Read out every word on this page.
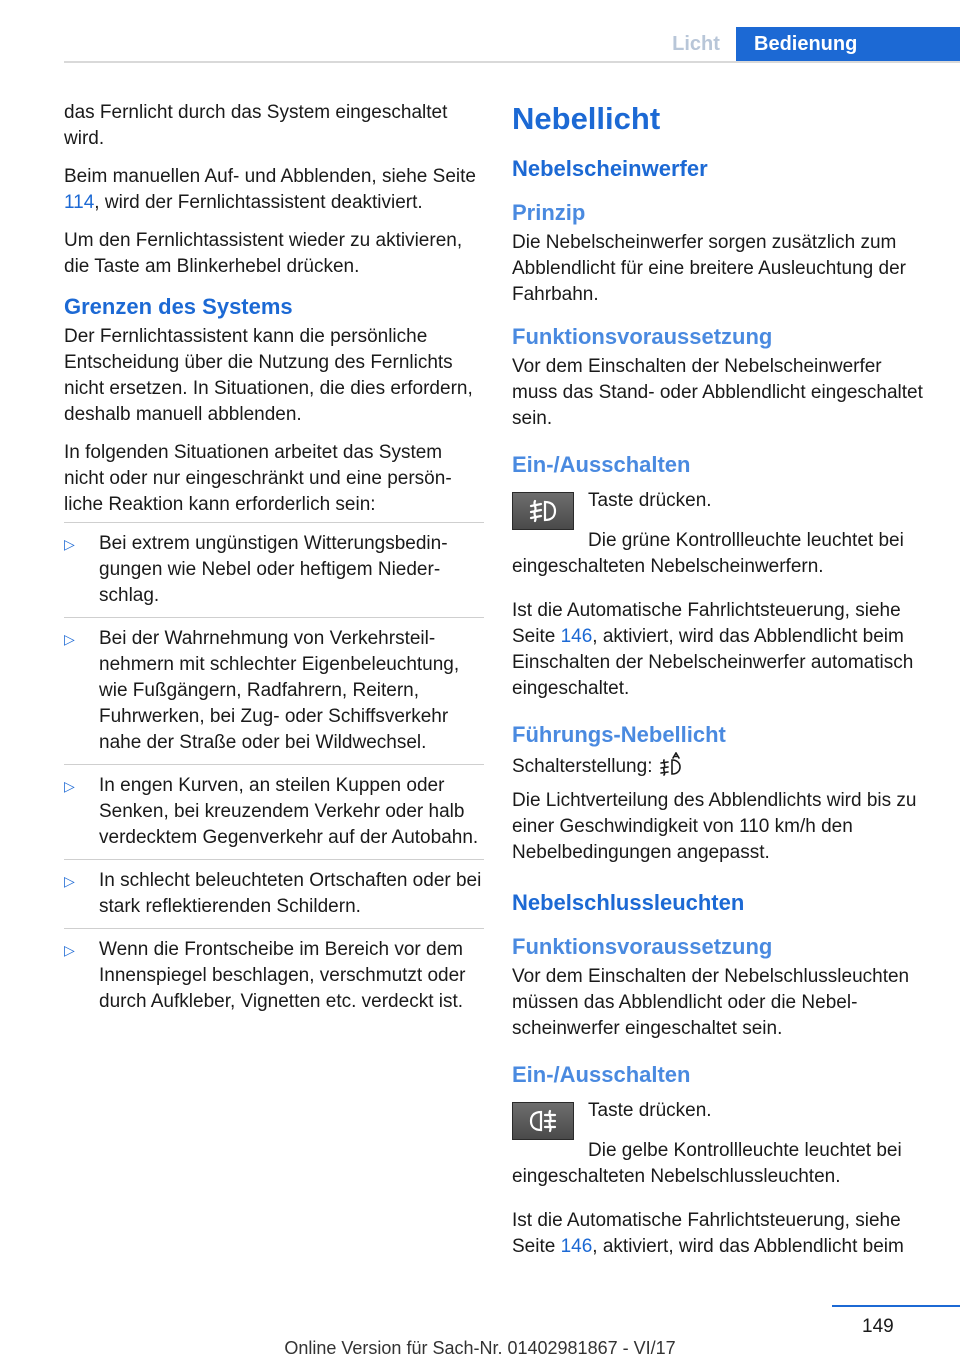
Licht	Bedienung

das Fernlicht durch das System eingeschaltet wird.

Beim manuellen Auf- und Abblenden, siehe Seite 114, wird der Fernlichtassistent deaktiviert.

Um den Fernlichtassistent wieder zu aktivieren, die Taste am Blinkerhebel drücken.

Grenzen des Systems

Der Fernlichtassistent kann die persönliche Entscheidung über die Nutzung des Fernlichts nicht ersetzen. In Situationen, die dies erfordern, deshalb manuell abblenden.

In folgenden Situationen arbeitet das System nicht oder nur eingeschränkt und eine persönliche Reaktion kann erforderlich sein:

▷ Bei extrem ungünstigen Witterungsbedingungen wie Nebel oder heftigem Niederschlag.
▷ Bei der Wahrnehmung von Verkehrsteilnehmern mit schlechter Eigenbeleuchtung, wie Fußgängern, Radfahrern, Reitern, Fuhrwerken, bei Zug- oder Schiffsverkehr nahe der Straße oder bei Wildwechsel.
▷ In engen Kurven, an steilen Kuppen oder Senken, bei kreuzendem Verkehr oder halb verdecktem Gegenverkehr auf der Autobahn.
▷ In schlecht beleuchteten Ortschaften oder bei stark reflektierenden Schildern.
▷ Wenn die Frontscheibe im Bereich vor dem Innenspiegel beschlagen, verschmutzt oder durch Aufkleber, Vignetten etc. verdeckt ist.
Nebellicht
Nebelscheinwerfer
Prinzip

Die Nebelscheinwerfer sorgen zusätzlich zum Abblendlicht für eine breitere Ausleuchtung der Fahrbahn.

Funktionsvoraussetzung

Vor dem Einschalten der Nebelscheinwerfer muss das Stand- oder Abblendlicht eingeschaltet sein.

Ein-/Ausschalten

Taste drücken.

Die grüne Kontrollleuchte leuchtet bei eingeschalteten Nebelscheinwerfern.

Ist die Automatische Fahrlichtsteuerung, siehe Seite 146, aktiviert, wird das Abblendlicht beim Einschalten der Nebelscheinwerfer automatisch eingeschaltet.

Führungs-Nebellicht

Schalterstellung:

Die Lichtverteilung des Abblendlichts wird bis zu einer Geschwindigkeit von 110 km/h den Nebelbedingungen angepasst.

Nebelschlussleuchten
Funktionsvoraussetzung

Vor dem Einschalten der Nebelschlussleuchten müssen das Abblendlicht oder die Nebelscheinwerfer eingeschaltet sein.

Ein-/Ausschalten

Taste drücken.

Die gelbe Kontrollleuchte leuchtet bei eingeschalteten Nebelschlussleuchten.

Ist die Automatische Fahrlichtsteuerung, siehe Seite 146, aktiviert, wird das Abblendlicht beim

149
Online Version für Sach-Nr. 01402981867 - VI/17
